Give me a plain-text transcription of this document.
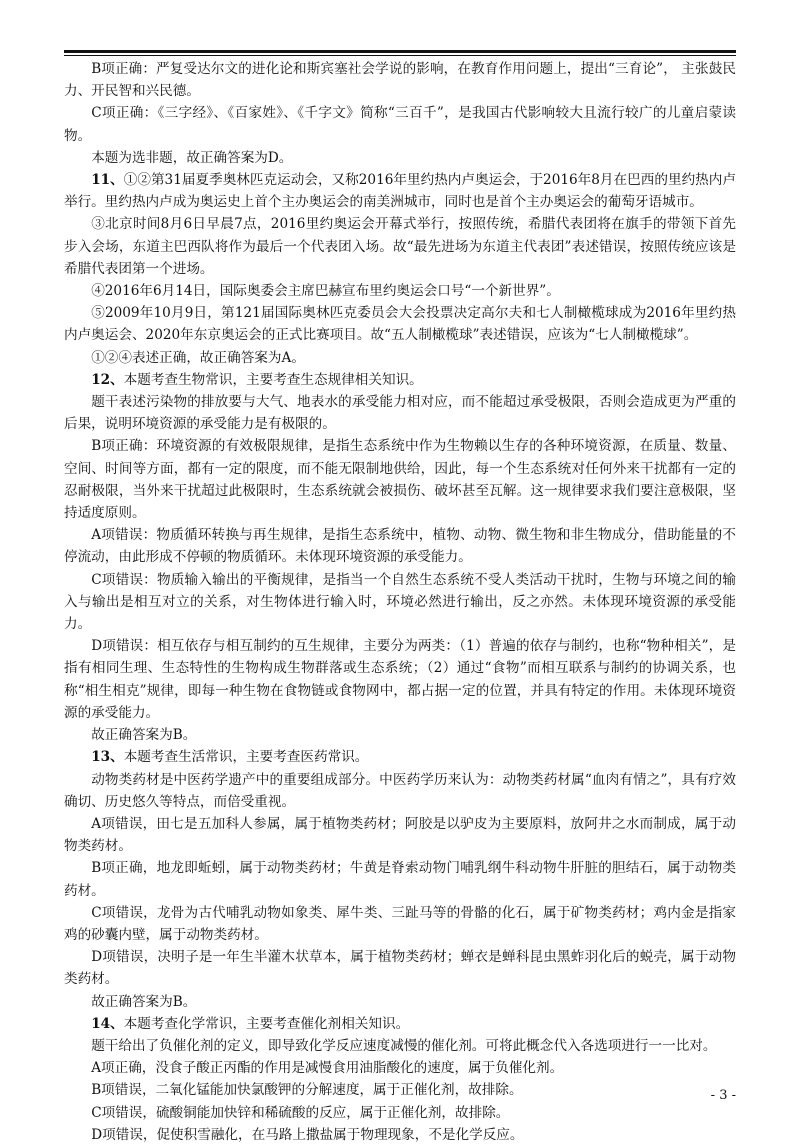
B项正确：严复受达尔文的进化论和斯宾塞社会学说的影响，在教育作用问题上，提出“三育论”， 主张鼓民力、开民智和兴民德。

C项正确：《三字经》、《百家姓》、《千字文》简称“三百千”，是我国古代影响较大且流行较广的儿童启蒙读物。

本题为选非题，故正确答案为D。

11、①②第31届夏季奥林匹克运动会，又称2016年里约热内卢奥运会，于2016年8月在巴西的里约热内卢举行。里约热内卢成为奥运史上首个主办奥运会的南美洲城市，同时也是首个主办奥运会的葡萄牙语城市。

③北京时间8月6日早晨7点，2016里约奥运会开幕式举行，按照传统，希腊代表团将在旗手的带领下首先步入会场，东道主巴西队将作为最后一个代表团入场。故“最先进场为东道主代表团”表述错误，按照传统应该是希腊代表团第一个进场。

④2016年6月14日，国际奥委会主席巴赫宣布里约奥运会口号“一个新世界”。

⑤2009年10月9日，第121届国际奥林匹克委员会大会投票决定高尔夫和七人制橄榄球成为2016年里约热内卢奥运会、2020年东京奥运会的正式比赛项目。故“五人制橄榄球”表述错误，应该为“七人制橄榄球”。

①②④表述正确，故正确答案为A。

12、本题考查生物常识，主要考查生态规律相关知识。

题干表述污染物的排放要与大气、地表水的承受能力相对应，而不能超过承受极限，否则会造成更为严重的后果，说明环境资源的承受能力是有极限的。

B项正确：环境资源的有效极限规律，是指生态系统中作为生物赖以生存的各种环境资源，在质量、数量、空间、时间等方面，都有一定的限度，而不能无限制地供给，因此，每一个生态系统对任何外来干扰都有一定的忍耐极限，当外来干扰超过此极限时，生态系统就会被损伤、破坏甚至瓦解。这一规律要求我们要注意极限，坚持适度原则。

A项错误：物质循环转换与再生规律，是指生态系统中，植物、动物、微生物和非生物成分，借助能量的不停流动，由此形成不停顿的物质循环。未体现环境资源的承受能力。

C项错误：物质输入输出的平衡规律，是指当一个自然生态系统不受人类活动干扰时，生物与环境之间的输入与输出是相互对立的关系，对生物体进行输入时，环境必然进行输出，反之亦然。未体现环境资源的承受能力。

D项错误：相互依存与相互制约的互生规律，主要分为两类：（1）普遍的依存与制约，也称“物种相关”，是指有相同生理、生态特性的生物构成生物群落或生态系统；（2）通过“食物”而相互联系与制约的协调关系，也称“相生相克”规律，即每一种生物在食物链或食物网中，都占据一定的位置，并具有特定的作用。未体现环境资源的承受能力。

故正确答案为B。

13、本题考查生活常识，主要考查医药常识。

动物类药材是中医药学遗产中的重要组成部分。中医药学历来认为：动物类药材属“血肉有情之”，具有疗效确切、历史悠久等特点，而倍受重视。

A项错误，田七是五加科人参属，属于植物类药材；阿胶是以驴皮为主要原料，放阿井之水而制成，属于动物类药材。

B项正确，地龙即蚯蚓，属于动物类药材；牛黄是脊索动物门哺乳纲牛科动物牛肝脏的胆结石，属于动物类药材。

C项错误，龙骨为古代哺乳动物如象类、犀牛类、三趾马等的骨骼的化石，属于矿物类药材；鸡内金是指家鸡的砂囊内壁，属于动物类药材。

D项错误，决明子是一年生半灌木状草本，属于植物类药材；蝉衣是蝉科昆虫黑蚱羽化后的蜕壳，属于动物类药材。

故正确答案为B。

14、本题考查化学常识，主要考查催化剂相关知识。

题干给出了负催化剂的定义，即导致化学反应速度减慢的催化剂。可将此概念代入各选项进行一一比对。

A项正确，没食子酸正丙酯的作用是减慢食用油脂酸化的速度，属于负催化剂。

B项错误，二氧化锰能加快氯酸钾的分解速度，属于正催化剂，故排除。

C项错误，硫酸铜能加快锌和稀硫酸的反应，属于正催化剂，故排除。

D项错误，促使积雪融化，在马路上撒盐属于物理现象，不是化学反应。

- 3 -
